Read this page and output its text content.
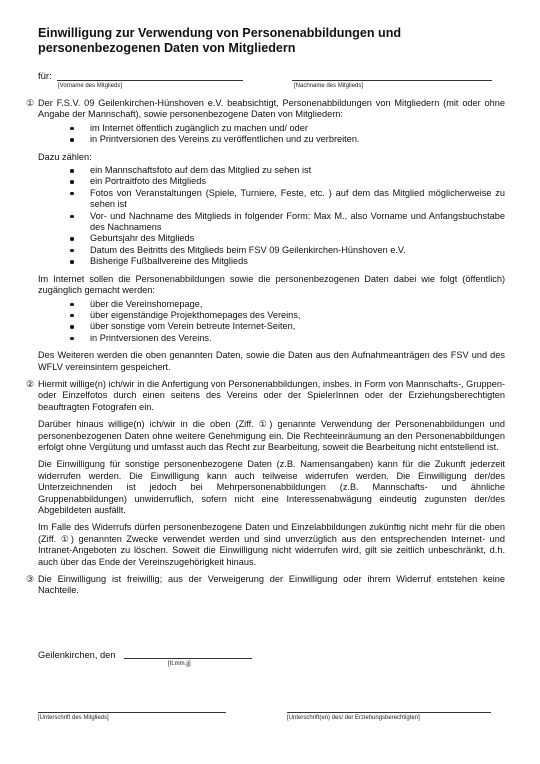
Einwilligung zur Verwendung von Personenabbildungen und
personenbezogenen Daten von Mitgliedern
für:
[Vorname des Mitglieds]	[Nachname des Mitglieds]
① Der F.S.V. 09 Geilenkirchen-Hünshoven e.V. beabsichtigt, Personenabbildungen von Mitgliedern (mit oder ohne Angabe der Mannschaft), sowie personenbezogene Daten von Mitgliedern:

im Internet öffentlich zugänglich zu machen und/ oder
in Printversionen des Vereins zu veröffentlichen und zu verbreiten.

Dazu zählen:

ein Mannschaftsfoto auf dem das Mitglied zu sehen ist
ein Portraitfoto des Mitglieds
Fotos von Veranstaltungen (Spiele, Turniere, Feste, etc. ) auf dem das Mitglied möglicherweise zu sehen ist
Vor- und Nachname des Mitglieds in folgender Form: Max M., also Vorname und Anfangsbuchstabe des Nachnamens
Geburtsjahr des Mitglieds
Datum des Beitritts des Mitglieds beim FSV 09 Geilenkirchen-Hünshoven e.V.
Bisherige Fußballvereine des Mitglieds

Im Internet sollen die Personenabbildungen sowie die personenbezogenen Daten dabei wie folgt (öffentlich) zugänglich gemacht werden:

über die Vereinshomepage,
über eigenständige Projekthomepages des Vereins,
über sonstige vom Verein betreute Internet-Seiten,
in Printversionen des Vereins.

Des Weiteren werden die oben genannten Daten, sowie die Daten aus den Aufnahmeanträgen des FSV und des WFLV vereinsintern gespeichert.

② Hiermit willige(n) ich/wir in die Anfertigung von Personenabbildungen, insbes. in Form von Mannschafts-, Gruppen- oder Einzelfotos durch einen seitens des Vereins oder der SpielerInnen oder der Erziehungsberechtigten beauftragten Fotografen ein.

Darüber hinaus willige(n) ich/wir in die oben (Ziff. ①) genannte Verwendung der Personenabbildungen und personenbezogenen Daten ohne weitere Genehmigung ein. Die Rechteeinräumung an den Personenabbildungen erfolgt ohne Vergütung und umfasst auch das Recht zur Bearbeitung, soweit die Bearbeitung nicht entstellend ist.

Die Einwilligung für sonstige personenbezogene Daten (z.B. Namensangaben) kann für die Zukunft jederzeit widerrufen werden. Die Einwilligung kann auch teilweise widerrufen werden. Die Einwilligung der/des Unterzeichnenden ist jedoch bei Mehrpersonenabbildungen (z.B. Mannschafts- und ähnliche Gruppenabbildungen) unwiderruflich, sofern nicht eine Interessenabwägung eindeutig zugunsten der/des Abgebildeten ausfällt.

Im Falle des Widerrufs dürfen personenbezogene Daten und Einzelabbildungen zukünftig nicht mehr für die oben (Ziff. ①) genannten Zwecke verwendet werden und sind unverzüglich aus den entsprechenden Internet- und Intranet-Angeboten zu löschen. Soweit die Einwilligung nicht widerrufen wird, gilt sie zeitlich unbeschränkt, d.h. auch über das Ende der Vereinszugehörigkeit hinaus.

③ Die Einwilligung ist freiwillig; aus der Verweigerung der Einwilligung oder ihrem Widerruf entstehen keine Nachteile.

Geilenkirchen, den
[tt.mm.jj]
[Unterschrift des Mitglieds]	[Unterschrift(en) des/ der Erziehungsberechtigten]
